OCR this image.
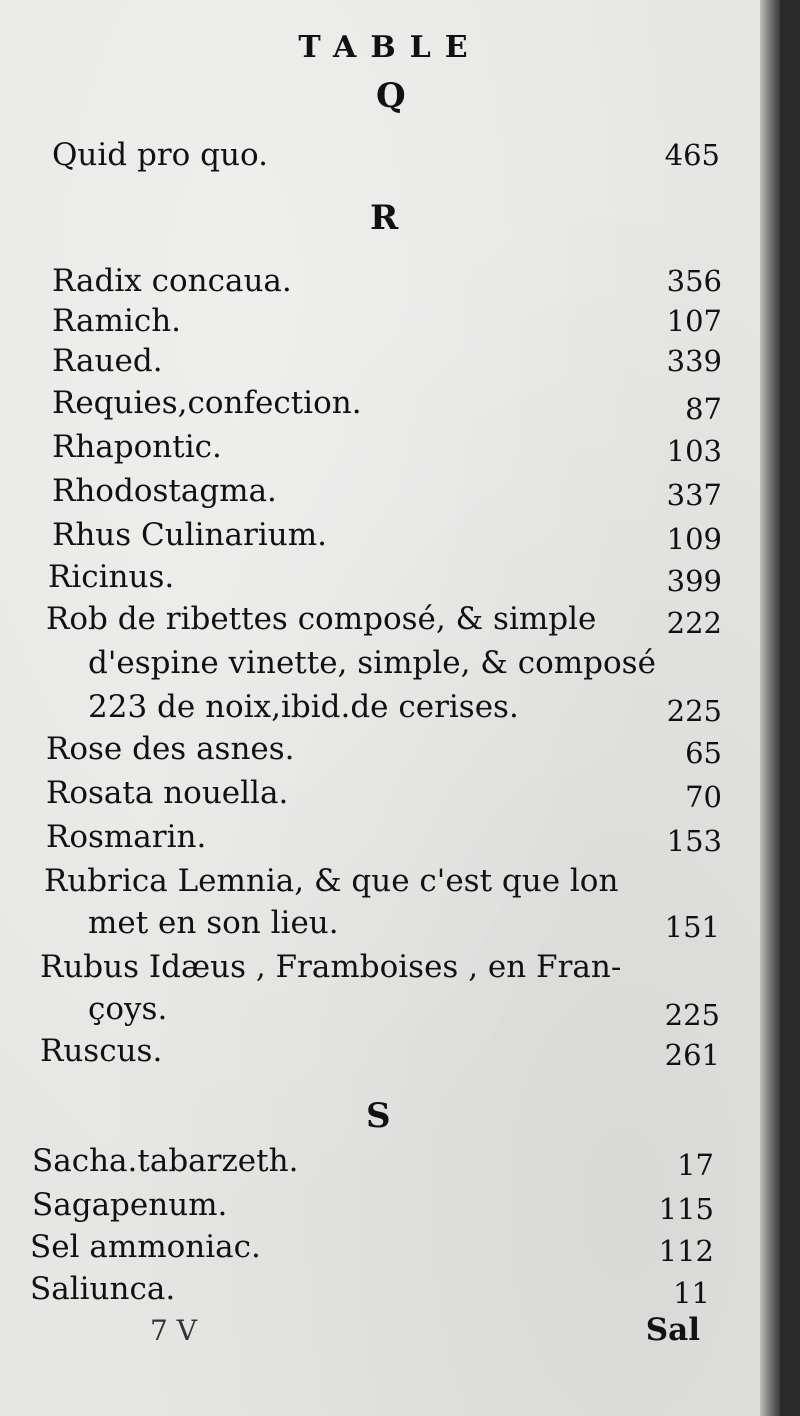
TABLE
Q
Quid pro quo.	465
R
Radix concaua.	356
Ramich.	107
Raued.	339
Requies,confection.	87
Rhapontic.	103
Rhodostagma.	337
Rhus Culinarium.	109
Ricinus.	399
Rob de ribettes composé, & simple 222
d'espine vinette, simple, & composé
223 de noix,ibid.de cerises.	225
Rose des asnes.	65
Rosata nouella.	70
Rosmarin.	153
Rubrica Lemnia, & que c'est que lon
met en son lieu.	151
Rubus Idæus , Framboises , en Fran-
çoys.	225
Ruscus.	261
S
Sacha.tabarzeth.	17
Sagapenum.	115
Sel ammoniac.	112
Saliunca.	11
7 V	Sal
